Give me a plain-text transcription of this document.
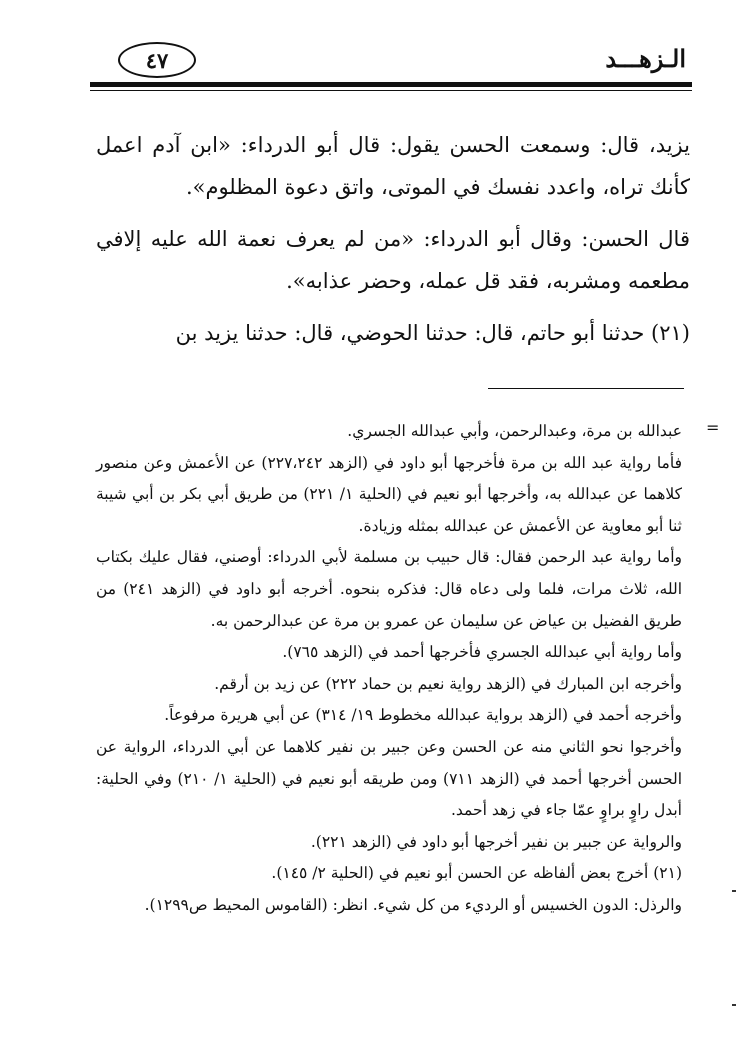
٤٧	الـزهـــد

يزيد، قال: وسمعت الحسن يقول: قال أبو الدرداء: «ابن آدم اعمل كأنك تراه، واعدد نفسك في الموتى، واتق دعوة المظلوم».

قال الحسن: وقال أبو الدرداء: «من لم يعرف نعمة الله عليه إلافي مطعمه ومشربه، فقد قل عمله، وحضر عذابه».

(٢١) حدثنا أبو حاتم، قال: حدثنا الحوضي، قال: حدثنا يزيد بن

=

عبدالله بن مرة، وعبدالرحمن، وأبي عبدالله الجسري.

فأما رواية عبد الله بن مرة فأخرجها أبو داود في (الزهد ٢٢٧،٢٤٢) عن الأعمش وعن منصور كلاهما عن عبدالله به، وأخرجها أبو نعيم في (الحلية ١/ ٢٢١) من طريق أبي بكر بن أبي شيبة ثنا أبو معاوية عن الأعمش عن عبدالله بمثله وزيادة.

وأما رواية عبد الرحمن فقال: قال حبيب بن مسلمة لأبي الدرداء: أوصني، فقال عليك بكتاب الله، ثلاث مرات، فلما ولى دعاه قال: فذكره بنحوه. أخرجه أبو داود في (الزهد ٢٤١) من طريق الفضيل بن عياض عن سليمان عن عمرو بن مرة عن عبدالرحمن به.

وأما رواية أبي عبدالله الجسري فأخرجها أحمد في (الزهد ٧٦٥).

وأخرجه ابن المبارك في (الزهد رواية نعيم بن حماد ٢٢٢) عن زيد بن أرقم.

وأخرجه أحمد في (الزهد برواية عبدالله مخطوط ١٩/ ٣١٤) عن أبي هريرة مرفوعاً.

وأخرجوا نحو الثاني منه عن الحسن وعن جبير بن نفير كلاهما عن أبي الدرداء، الرواية عن الحسن أخرجها أحمد في (الزهد ٧١١) ومن طريقه أبو نعيم في (الحلية ١/ ٢١٠) وفي الحلية: أبدل راوٍ براوٍ عمّا جاء في زهد أحمد.

والرواية عن جبير بن نفير أخرجها أبو داود في (الزهد ٢٢١).

(٢١) أخرج بعض ألفاظه عن الحسن أبو نعيم في (الحلية ٢/ ١٤٥).

والرذل: الدون الخسيس أو الرديء من كل شيء. انظر: (القاموس المحيط ص١٢٩٩).
